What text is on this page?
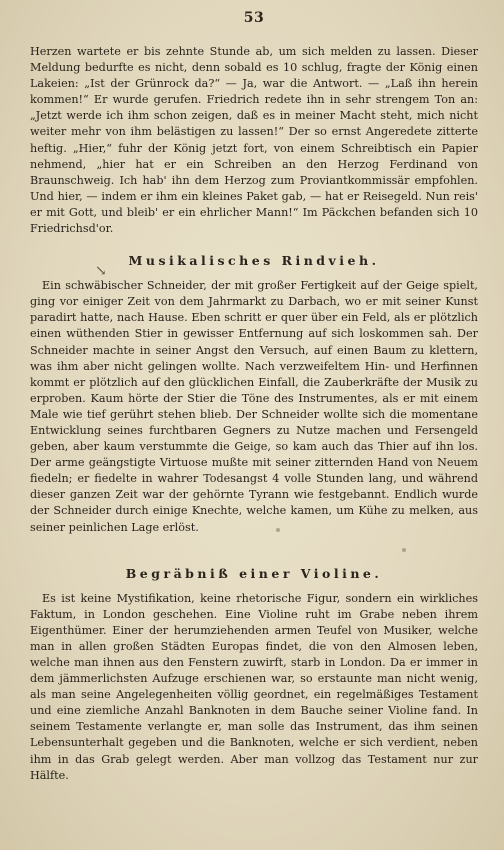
53

Herzen wartete er bis zehnte Stunde ab, um sich melden zu lassen. Dieser Meldung bedurfte es nicht, denn sobald es 10 schlug, fragte der König einen Lakeien: „Ist der Grünrock da?“ — Ja, war die Antwort. — „Laß ihn herein kommen!“ Er wurde gerufen. Friedrich redete ihn in sehr strengem Ton an: „Jetzt werde ich ihm schon zeigen, daß es in meiner Macht steht, mich nicht weiter mehr von ihm belästigen zu lassen!“ Der so ernst Angeredete zitterte heftig. „Hier,“ fuhr der König jetzt fort, von einem Schreibtisch ein Papier nehmend, „hier hat er ein Schreiben an den Herzog Ferdinand von Braunschweig. Ich hab' ihn dem Herzog zum Proviantkommissär empfohlen. Und hier, — indem er ihm ein kleines Paket gab, — hat er Reisegeld. Nun reis' er mit Gott, und bleib' er ein ehrlicher Mann!“ Im Päckchen befanden sich 10 Friedrichsd'or.

↘
Musikalisches Rindvieh.

Ein schwäbischer Schneider, der mit großer Fertigkeit auf der Geige spielt, ging vor einiger Zeit von dem Jahrmarkt zu Darbach, wo er mit seiner Kunst paradirt hatte, nach Hause. Eben schritt er quer über ein Feld, als er plötzlich einen wüthenden Stier in gewisser Entfernung auf sich loskommen sah. Der Schneider machte in seiner Angst den Versuch, auf einen Baum zu klettern, was ihm aber nicht gelingen wollte. Nach verzweifeltem Hin- und Herfinnen kommt er plötzlich auf den glücklichen Einfall, die Zauberkräfte der Musik zu erproben. Kaum hörte der Stier die Töne des Instrumentes, als er mit einem Male wie tief gerührt stehen blieb. Der Schneider wollte sich die momentane Entwicklung seines furchtbaren Gegners zu Nutze machen und Fersengeld geben, aber kaum verstummte die Geige, so kam auch das Thier auf ihn los. Der arme geängstigte Virtuose mußte mit seiner zitternden Hand von Neuem fiedeln; er fiedelte in wahrer Todesangst 4 volle Stunden lang, und während dieser ganzen Zeit war der gehörnte Tyrann wie festgebannt. Endlich wurde der Schneider durch einige Knechte, welche kamen, um Kühe zu melken, aus seiner peinlichen Lage erlöst.

Begräbniß einer Violine.

Es ist keine Mystifikation, keine rhetorische Figur, sondern ein wirkliches Faktum, in London geschehen. Eine Violine ruht im Grabe neben ihrem Eigenthümer. Einer der herumziehenden armen Teufel von Musiker, welche man in allen großen Städten Europas findet, die von den Almosen leben, welche man ihnen aus den Fenstern zuwirft, starb in London. Da er immer in dem jämmerlichsten Aufzuge erschienen war, so erstaunte man nicht wenig, als man seine Angelegenheiten völlig geordnet, ein regelmäßiges Testament und eine ziemliche Anzahl Banknoten in dem Bauche seiner Violine fand. In seinem Testamente verlangte er, man solle das Instrument, das ihm seinen Lebensunterhalt gegeben und die Banknoten, welche er sich verdient, neben ihm in das Grab gelegt werden. Aber man vollzog das Testament nur zur Hälfte.
